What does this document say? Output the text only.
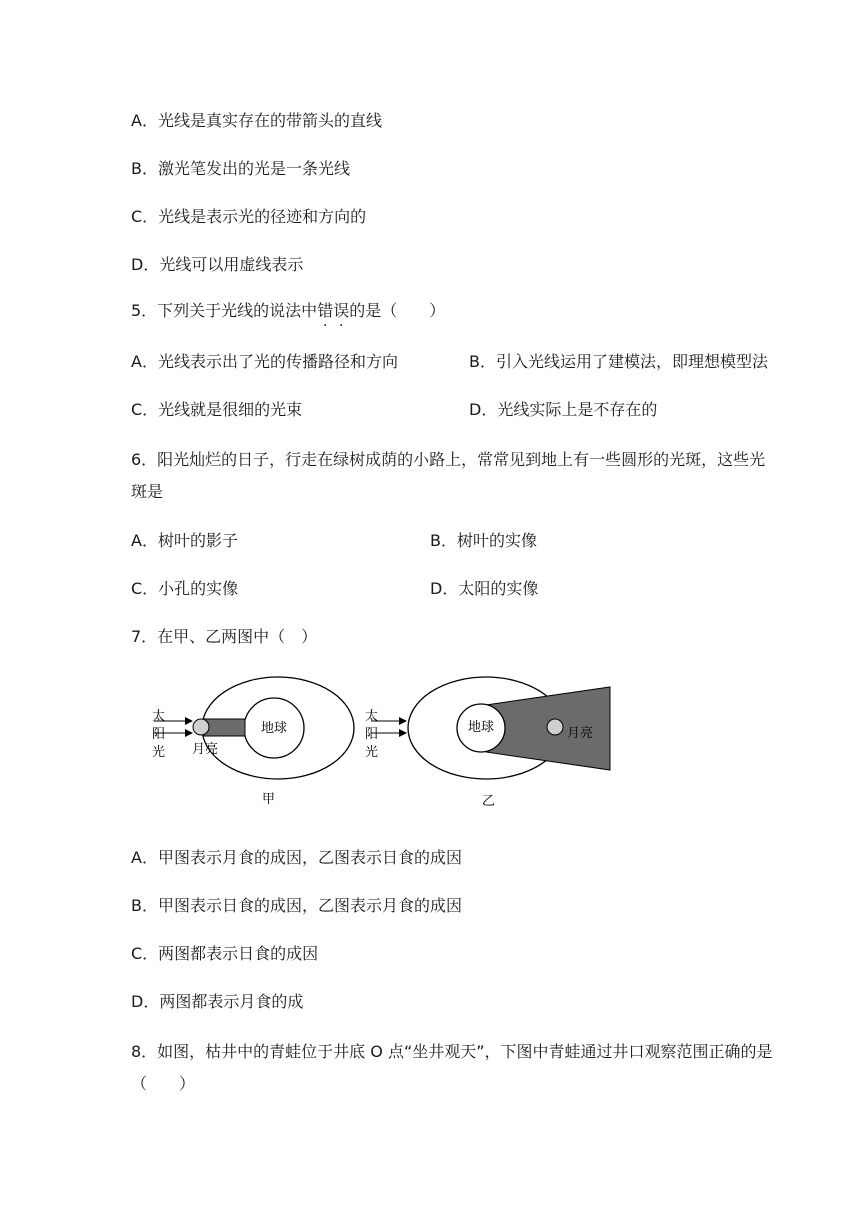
A．光线是真实存在的带箭头的直线
B．激光笔发出的光是一条光线
C．光线是表示光的径迹和方向的
D．光线可以用虚线表示
5．下列关于光线的说法中错误的是（　　）
A．光线表示出了光的传播路径和方向	B．引入光线运用了建模法，即理想模型法
C．光线就是很细的光束	D．光线实际上是不存在的
6．阳光灿烂的日子，行走在绿树成荫的小路上，常常见到地上有一些圆形的光斑，这些光
斑是
A．树叶的影子	B．树叶的实像
C．小孔的实像	D．太阳的实像
7．在甲、乙两图中（　）
太
阳
光
地球
月亮
甲
太
阳
光
地球	月亮
乙
A．甲图表示月食的成因，乙图表示日食的成因
B．甲图表示日食的成因，乙图表示月食的成因
C．两图都表示日食的成因
D．两图都表示月食的成
8．如图，枯井中的青蛙位于井底 O 点“坐井观天”，下图中青蛙通过井口观察范围正确的是
（　　）
